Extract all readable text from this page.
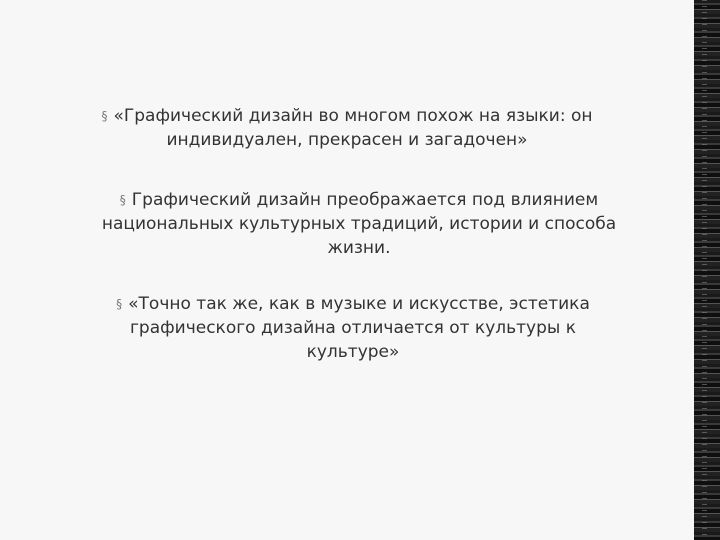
§ «Графический дизайн во многом похож на языки: он
индивидуален, прекрасен и загадочен»
§ Графический дизайн преображается под влиянием
национальных культурных традиций, истории и способа
жизни.
§ «Точно так же, как в музыке и искусстве, эстетика
графического дизайна отличается от культуры к
культуре»
